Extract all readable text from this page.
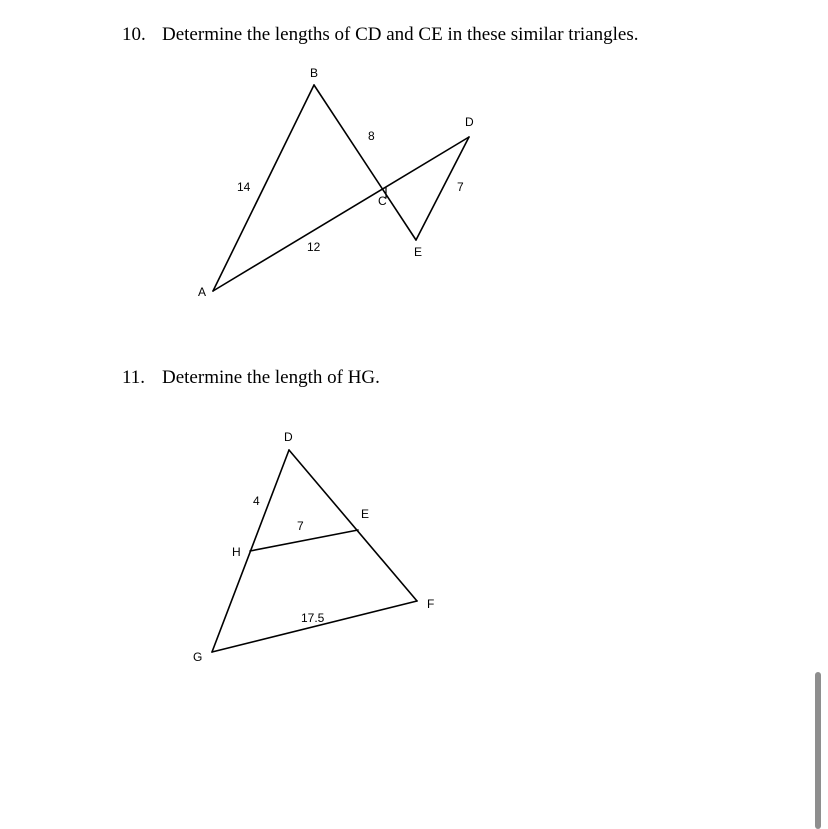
10. Determine the lengths of CD and CE in these similar triangles.
B
D
C
E
A
14
8
12
7
11. Determine the length of HG.
D
E
H
F
G
4
7
17.5
